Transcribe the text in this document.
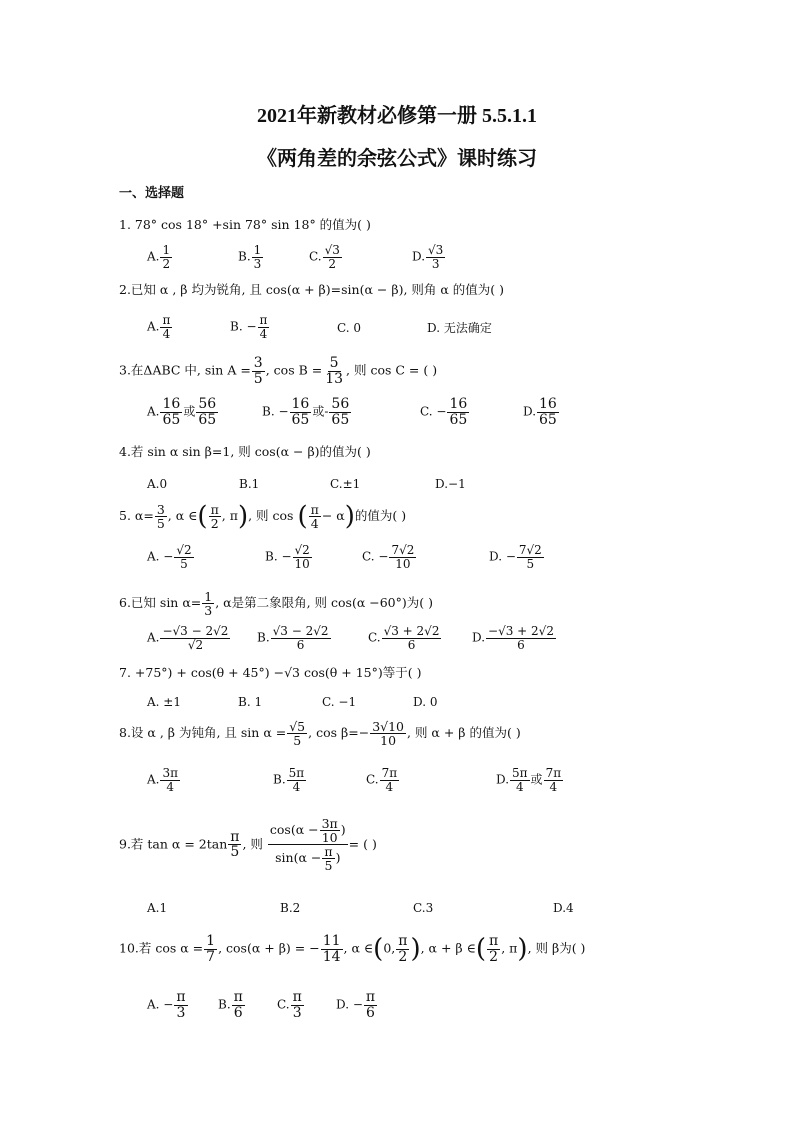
2021年新教材必修第一册 5.5.1.1
《两角差的余弦公式》课时练习
一、选择题
1. 78° cos 18° +sin 78° sin 18° 的值为( )
A. $\frac{1}{2}$	B. $\frac{1}{3}$	C. $\frac{√3}{2}$	D. $\frac{√3}{3}$
2.已知 α , β 均为锐角, 且 cos(α + β)=sin(α − β), 则角 α 的值为( )
A. $\frac{\pi}{4}$	B. − $\frac{\pi}{4}$	C. 0	D. 无法确定
3.在ΔABC 中, $\sin A = \frac{3}{5}$ , $\cos B = \frac{5}{13}$ , 则 cos C = ( )
A. $\frac{16}{65}$ 或 $\frac{56}{65}$	B. − $\frac{16}{65}$ 或- $\frac{56}{65}$	C. − $\frac{16}{65}$	D. $\frac{16}{65}$
4.若 sin α sin β=1, 则 cos(α − β)的值为( )
A.0	B.1	C.±1	D.−1
5. $\alpha= \frac{3}{5}$ , α ∈( $\frac{\pi}{2}$ , π), 则 cos ( $\frac{\pi}{4} - \alpha$)的值为( )
A. − $\frac{√2}{5}$	B. − $\frac{√2}{10}$	C. − $\frac{7√2}{10}$	D. − $\frac{7√2}{5}$
6.已知 $\sin \alpha= \frac{1}{3}$ , α是第二象限角, 则 cos(α −60°)为( )
A. $\frac{-√3 - 2√2}{√2} B$. $\frac{√3 - 2√2}{6}$	C. $\frac{√3 + 2√2}{6}$	D. $\frac{-√3 + 2√2}{6}$
7. +75°) + cos(θ + 45°) −√3 cos(θ + 15°)等于( )
A. ±1	B. 1	C. −1	D. 0
8.设 α , β 为钝角, 且 $\sin \alpha = \frac{√5}{5}$ , $\cos \beta=- \frac{3√10}{10}$ , 则 α + β 的值为( )
A. $\frac{3\pi}{4}$	B. $\frac{5\pi}{4}$	C. $\frac{7\pi}{4}$	D. $\frac{5\pi}{4}$ 或 $\frac{7\pi}{4}$
9.若 $\tan \alpha = 2\tan \frac{\pi}{5}$ , 则 $\frac{\cos(\alpha - \frac{3\pi}{10} )}{\sin(\alpha - \frac{\pi}{5} )}$ = ( )
A.1	B.2	C.3	D.4
10.若 $\cos \alpha = \frac{1}{7}$ , cos(α + β) = − $\frac{11}{14}$ , α ∈(0, $\frac{\pi}{2}$ ), α + β ∈( $\frac{\pi}{2}$ , π), 则 β为( )
A. − $\frac{\pi}{3}$	B. $\frac{\pi}{6}$	C. $\frac{\pi}{3}$	D. − $\frac{\pi}{6}$
